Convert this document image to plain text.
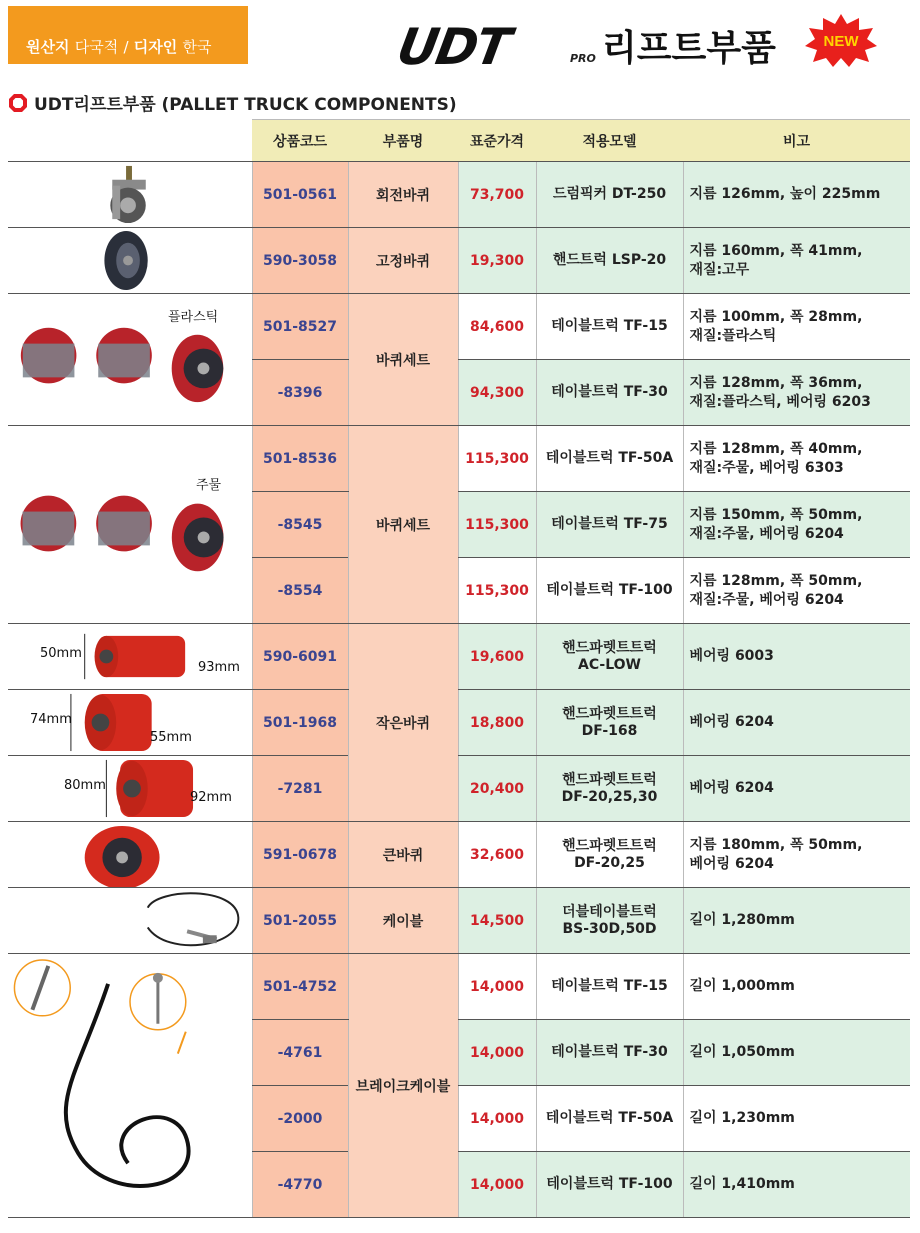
원산지 다국적 / 디자인 한국	UDT	PRO 리프트부품	NEW
UDT리프트부품 (PALLET TRUCK COMPONENTS)
	상품코드	부품명	표준가격	적용모델	비고

	501-0561	회전바퀴	73,700	드럼픽커 DT-250	지름 126mm, 높이 225mm

	590-3058	고정바퀴	19,300	핸드트럭 LSP-20	지름 160mm, 폭 41mm,
재질:고무

플라스틱	501-8527	바퀴세트	84,600	테이블트럭 TF-15	지름 100mm, 폭 28mm,
재질:플라스틱
	-8396		94,300	테이블트럭 TF-30	지름 128mm, 폭 36mm,
재질:플라스틱, 베어링 6203

주물	501-8536	바퀴세트	115,300	테이블트럭 TF-50A	지름 128mm, 폭 40mm,
재질:주물, 베어링 6303
	-8545		115,300	테이블트럭 TF-75	지름 150mm, 폭 50mm,
재질:주물, 베어링 6204
	-8554		115,300	테이블트럭 TF-100	지름 128mm, 폭 50mm,
재질:주물, 베어링 6204

50mm
93mm	590-6091	작은바퀴	19,600	핸드파렛트트럭
AC-LOW	베어링 6003

74mm
55mm	501-1968		18,800	핸드파렛트트럭
DF-168	베어링 6204

80mm
92mm	-7281		20,400	핸드파렛트트럭
DF-20,25,30	베어링 6204

	591-0678	큰바퀴	32,600	핸드파렛트트럭
DF-20,25	지름 180mm, 폭 50mm,
베어링 6204

	501-2055	케이블	14,500	더블테이블트럭
BS-30D,50D	길이 1,280mm

	501-4752	브레이크케이블	14,000	테이블트럭 TF-15	길이 1,000mm
	-4761		14,000	테이블트럭 TF-30	길이 1,050mm
	-2000		14,000	테이블트럭 TF-50A	길이 1,230mm
	-4770		14,000	테이블트럭 TF-100	길이 1,410mm
